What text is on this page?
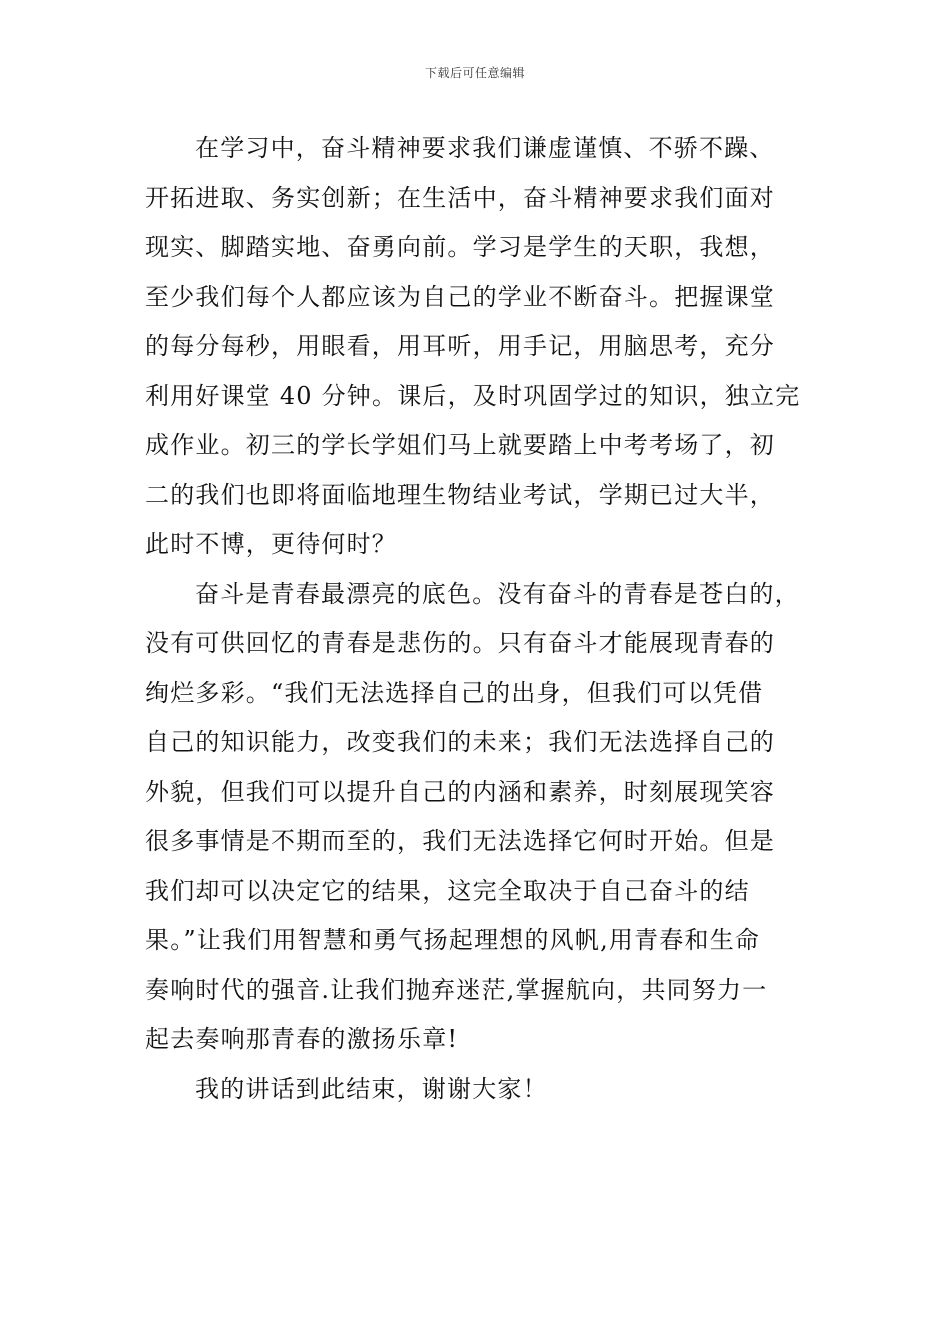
下载后可任意编辑
在学习中，奋斗精神要求我们谦虚谨慎、不骄不躁、
开拓进取、务实创新；在生活中，奋斗精神要求我们面对
现实、脚踏实地、奋勇向前。学习是学生的天职，我想，
至少我们每个人都应该为自己的学业不断奋斗。把握课堂
的每分每秒，用眼看，用耳听，用手记，用脑思考，充分
利用好课堂 40 分钟。课后，及时巩固学过的知识，独立完
成作业。初三的学长学姐们马上就要踏上中考考场了，初
二的我们也即将面临地理生物结业考试，学期已过大半，
此时不博，更待何时？
奋斗是青春最漂亮的底色。没有奋斗的青春是苍白的，
没有可供回忆的青春是悲伤的。只有奋斗才能展现青春的
绚烂多彩。“我们无法选择自己的出身，但我们可以凭借
自己的知识能力，改变我们的未来；我们无法选择自己的
外貌，但我们可以提升自己的内涵和素养，时刻展现笑容
很多事情是不期而至的，我们无法选择它何时开始。但是
我们却可以决定它的结果，这完全取决于自己奋斗的结
果。”让我们用智慧和勇气扬起理想的风帆,用青春和生命
奏响时代的强音.让我们抛弃迷茫,掌握航向，共同努力一
起去奏响那青春的激扬乐章!
我的讲话到此结束，谢谢大家！
